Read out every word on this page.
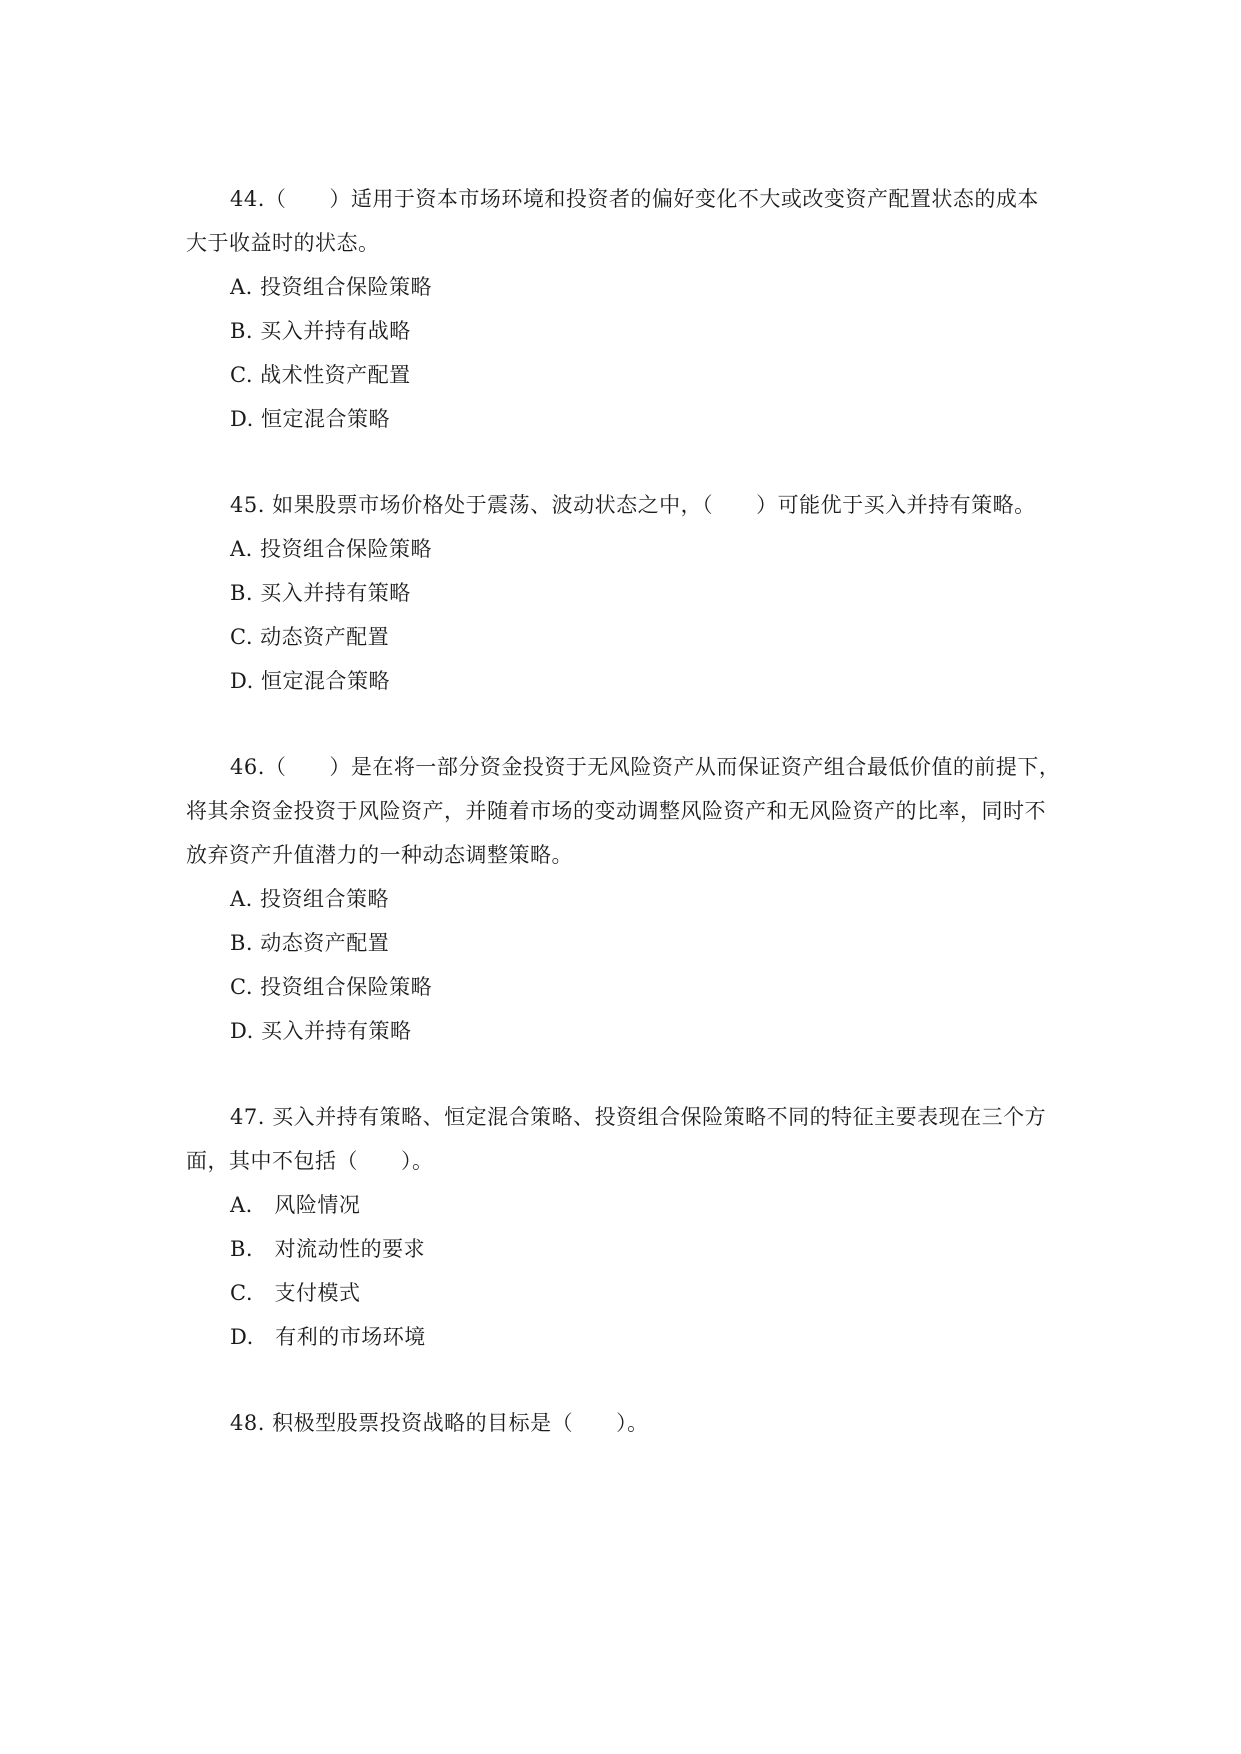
44.（　　）适用于资本市场环境和投资者的偏好变化不大或改变资产配置状态的成本
大于收益时的状态。
A. 投资组合保险策略
B. 买入并持有战略
C. 战术性资产配置
D. 恒定混合策略
45. 如果股票市场价格处于震荡、波动状态之中，（　　）可能优于买入并持有策略。
A. 投资组合保险策略
B. 买入并持有策略
C. 动态资产配置
D. 恒定混合策略
46.（　　）是在将一部分资金投资于无风险资产从而保证资产组合最低价值的前提下，
将其余资金投资于风险资产，并随着市场的变动调整风险资产和无风险资产的比率，同时不
放弃资产升值潜力的一种动态调整策略。
A. 投资组合策略
B. 动态资产配置
C. 投资组合保险策略
D. 买入并持有策略
47. 买入并持有策略、恒定混合策略、投资组合保险策略不同的特征主要表现在三个方
面，其中不包括（　　）。
A.　风险情况
B.　对流动性的要求
C.　支付模式
D.　有利的市场环境
48. 积极型股票投资战略的目标是（　　）。
